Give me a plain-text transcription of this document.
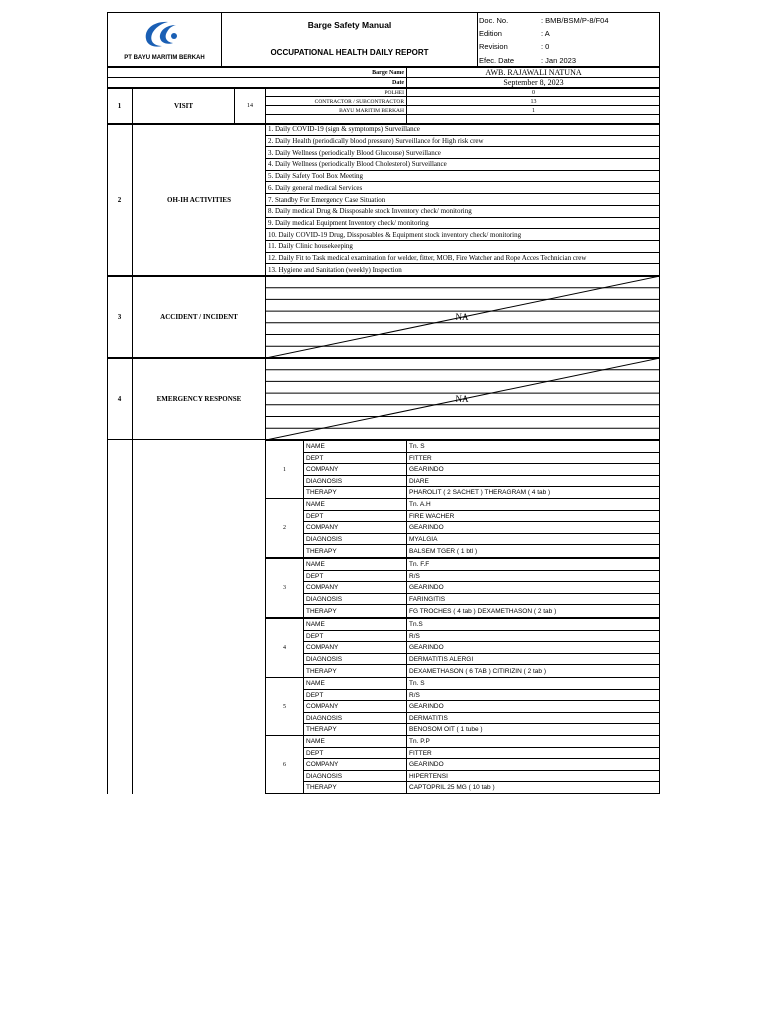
PT BAYU MARITIM BERKAH
Barge Safety Manual
OCCUPATIONAL HEALTH DAILY REPORT
Doc. No.	: BMB/BSM/P-8/F04
Edition	: A
Revision	: 0
Efec. Date	: Jan 2023
Barge Name	AWB. RAJAWALI NATUNA
Date	September 8, 2023
1	VISIT	14
POLHEI	0
CONTRACTOR / SUBCONTRACTOR	13
BAYU MARITIM BERKAH	1
2	OH-IH ACTIVITIES
1. Daily COVID-19 (sign & symptomps) Surveillance
2. Daily Health (periodically blood pressure) Surveillance for High risk crew
3. Daily Wellness (periodically Blood Glucouse) Surveillance
4. Daily Wellness (periodically Blood Cholesterol) Surveillance
5. Daily Safety Tool Box Meeting
6. Daily general medical Services
7. Standby For Emergency Case Situation
8. Daily medical Drug & Dissposable stock Inventory check/ monitoring
9. Daily medical Equipment Inventory check/ monitoring
10. Daily COVID-19 Drug, Dissposables & Equipment stock inventory check/ monitoring
11. Daily Clinic housekeeping
12. Daily Fit to Task medical examination for welder, fitter, MOB, Fire Watcher and Rope Acces Technician crew
13. Hygiene and Sanitation (weekly) Inspection
3	ACCIDENT / INCIDENT	NA
4	EMERGENCY RESPONSE	NA
1
NAME	Tn. S
DEPT	FITTER
COMPANY	GEARINDO
DIAGNOSIS	DIARE
THERAPY	PHAROLIT ( 2 SACHET ) THERAGRAM ( 4 tab )
2
NAME	Tn. A.H
DEPT	FIRE WACHER
COMPANY	GEARINDO
DIAGNOSIS	MYALGIA
THERAPY	BALSEM TGER ( 1 btl )
3
NAME	Tn. F.F
DEPT	R/S
COMPANY	GEARINDO
DIAGNOSIS	FARINGITIS
THERAPY	FG TROCHES ( 4 tab ) DEXAMETHASON ( 2 tab )
4
NAME	Tn.S
DEPT	R/S
COMPANY	GEARINDO
DIAGNOSIS	DERMATITIS ALERGI
THERAPY	DEXAMETHASON ( 6 TAB ) CITIRIZIN ( 2 tab )
5
NAME	Tn. S
DEPT	R/S
COMPANY	GEARINDO
DIAGNOSIS	DERMATITIS
THERAPY	BENOSOM OIT ( 1 tube )
6
NAME	Tn. P.P
DEPT	FITTER
COMPANY	GEARINDO
DIAGNOSIS	HIPERTENSI
THERAPY	CAPTOPRIL 25 MG ( 10 tab )
